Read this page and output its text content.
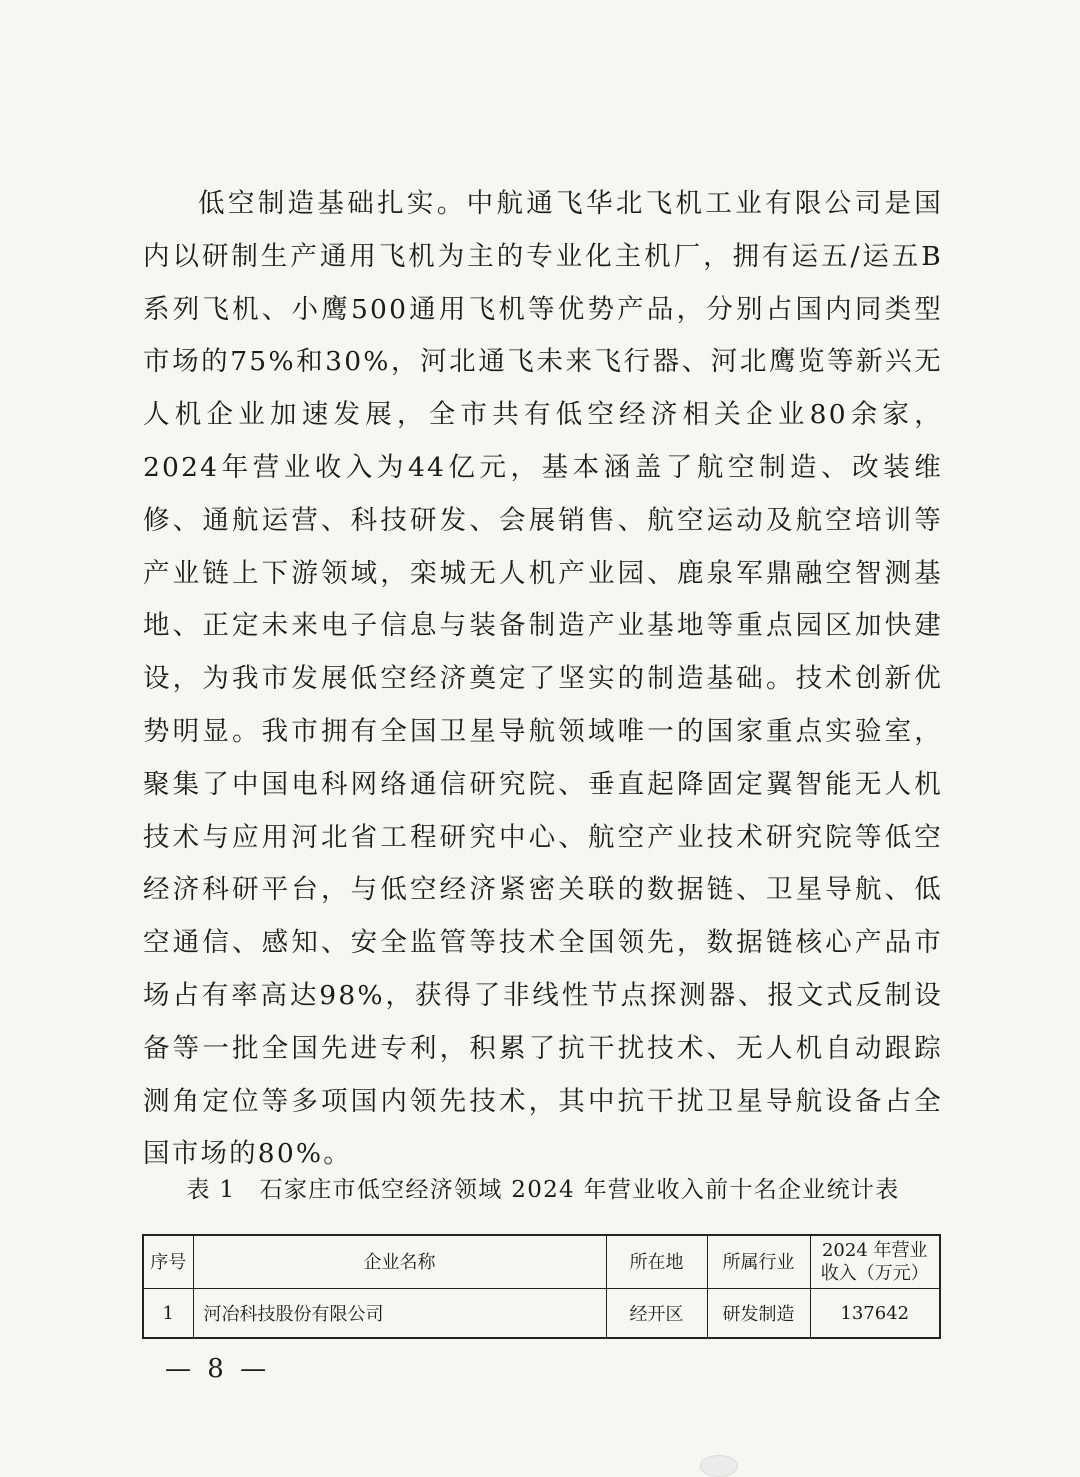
低空制造基础扎实。中航通飞华北飞机工业有限公司是国内以研制生产通用飞机为主的专业化主机厂，拥有运五/运五B系列飞机、小鹰500通用飞机等优势产品，分别占国内同类型市场的75%和30%，河北通飞未来飞行器、河北鹰览等新兴无人机企业加速发展，全市共有低空经济相关企业80余家，2024年营业收入为44亿元，基本涵盖了航空制造、改装维修、通航运营、科技研发、会展销售、航空运动及航空培训等产业链上下游领域，栾城无人机产业园、鹿泉军鼎融空智测基地、正定未来电子信息与装备制造产业基地等重点园区加快建设，为我市发展低空经济奠定了坚实的制造基础。技术创新优势明显。我市拥有全国卫星导航领域唯一的国家重点实验室，聚集了中国电科网络通信研究院、垂直起降固定翼智能无人机技术与应用河北省工程研究中心、航空产业技术研究院等低空经济科研平台，与低空经济紧密关联的数据链、卫星导航、低空通信、感知、安全监管等技术全国领先，数据链核心产品市场占有率高达98%，获得了非线性节点探测器、报文式反制设备等一批全国先进专利，积累了抗干扰技术、无人机自动跟踪测角定位等多项国内领先技术，其中抗干扰卫星导航设备占全国市场的80%。

表 1　石家庄市低空经济领域 2024 年营业收入前十名企业统计表

序号	企业名称	所在地	所属行业	2024 年营业
收入（万元）
1	河冶科技股份有限公司	经开区	研发制造	137642

— 8 —
